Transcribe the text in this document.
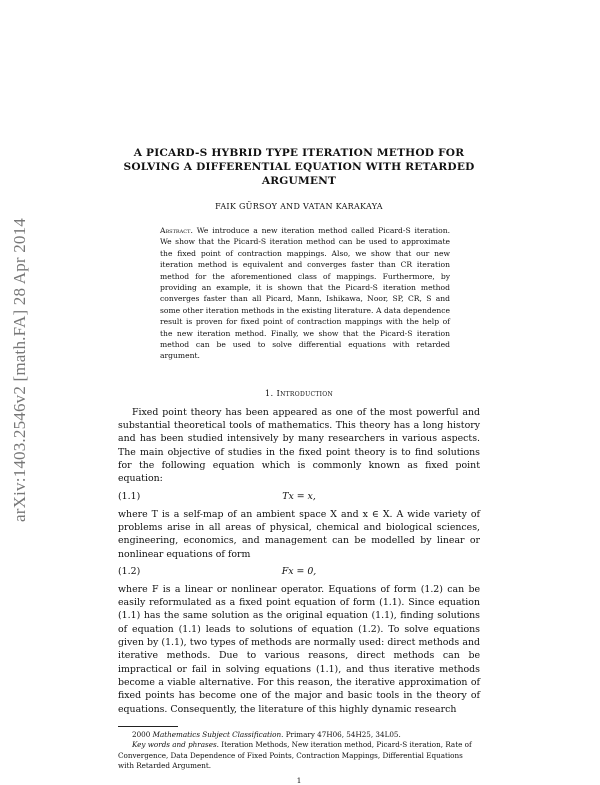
arXiv:1403.2546v2 [math.FA] 28 Apr 2014
A PICARD-S HYBRID TYPE ITERATION METHOD FOR
SOLVING A DIFFERENTIAL EQUATION WITH RETARDED
ARGUMENT
FAIK GÜRSOY AND VATAN KARAKAYA
Abstract. We introduce a new iteration method called Picard-S iteration. We show that the Picard-S iteration method can be used to approximate the fixed point of contraction mappings. Also, we show that our new iteration method is equivalent and converges faster than CR iteration method for the aforementioned class of mappings. Furthermore, by providing an example, it is shown that the Picard-S iteration method converges faster than all Picard, Mann, Ishikawa, Noor, SP, CR, S and some other iteration methods in the existing literature. A data dependence result is proven for fixed point of contraction mappings with the help of the new iteration method. Finally, we show that the Picard-S iteration method can be used to solve differential equations with retarded argument.
1. Introduction

Fixed point theory has been appeared as one of the most powerful and substantial theoretical tools of mathematics. This theory has a long history and has been studied intensively by many researchers in various aspects. The main objective of studies in the fixed point theory is to find solutions for the following equation which is commonly known as fixed point equation:

(1.1)	Tx = x,

where T is a self-map of an ambient space X and x ∈ X. A wide variety of problems arise in all areas of physical, chemical and biological sciences, engineering, economics, and management can be modelled by linear or nonlinear equations of form

(1.2)	Fx = 0,

where F is a linear or nonlinear operator. Equations of form (1.2) can be easily reformulated as a fixed point equation of form (1.1). Since equation (1.1) has the same solution as the original equation (1.1), finding solutions of equation (1.1) leads to solutions of equation (1.2). To solve equations given by (1.1), two types of methods are normally used: direct methods and iterative methods. Due to various reasons, direct methods can be impractical or fail in solving equations (1.1), and thus iterative methods become a viable alternative. For this reason, the iterative approximation of fixed points has become one of the major and basic tools in the theory of equations. Consequently, the literature of this highly dynamic research

2000 Mathematics Subject Classification. Primary 47H06, 54H25, 34L05.
Key words and phrases. Iteration Methods, New iteration method, Picard-S iteration, Rate of Convergence, Data Dependence of Fixed Points, Contraction Mappings, Differential Equations with Retarded Argument.
1
